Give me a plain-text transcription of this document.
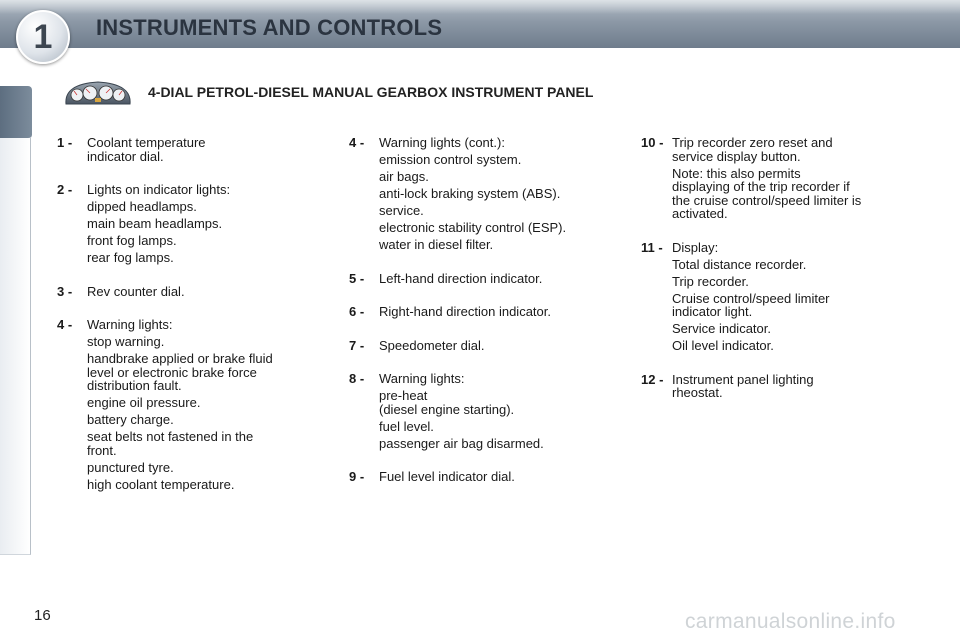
INSTRUMENTS AND CONTROLS
1
4-DIAL PETROL-DIESEL MANUAL GEARBOX INSTRUMENT PANEL
1 - Coolant temperature
indicator dial.
2 - Lights on indicator lights:
dipped headlamps.
main beam headlamps.
front fog lamps.
rear fog lamps.
3 - Rev counter dial.
4 - Warning lights:
stop warning.
handbrake applied or brake fluid
level or electronic brake force
distribution fault.
engine oil pressure.
battery charge.
seat belts not fastened in the
front.
punctured tyre.
high coolant temperature.
4 - Warning lights (cont.):
emission control system.
air bags.
anti-lock braking system (ABS).
service.
electronic stability control (ESP).
water in diesel filter.
5 - Left-hand direction indicator.
6 - Right-hand direction indicator.
7 - Speedometer dial.
8 - Warning lights:
pre-heat
(diesel engine starting).
fuel level.
passenger air bag disarmed.
9 - Fuel level indicator dial.
10 - Trip recorder zero reset and
service display button.
Note: this also permits
displaying of the trip recorder if
the cruise control/speed limiter is
activated.
11 - Display:
Total distance recorder.
Trip recorder.
Cruise control/speed limiter
indicator light.
Service indicator.
Oil level indicator.
12 - Instrument panel lighting
rheostat.
16	carmanualsonline.info
